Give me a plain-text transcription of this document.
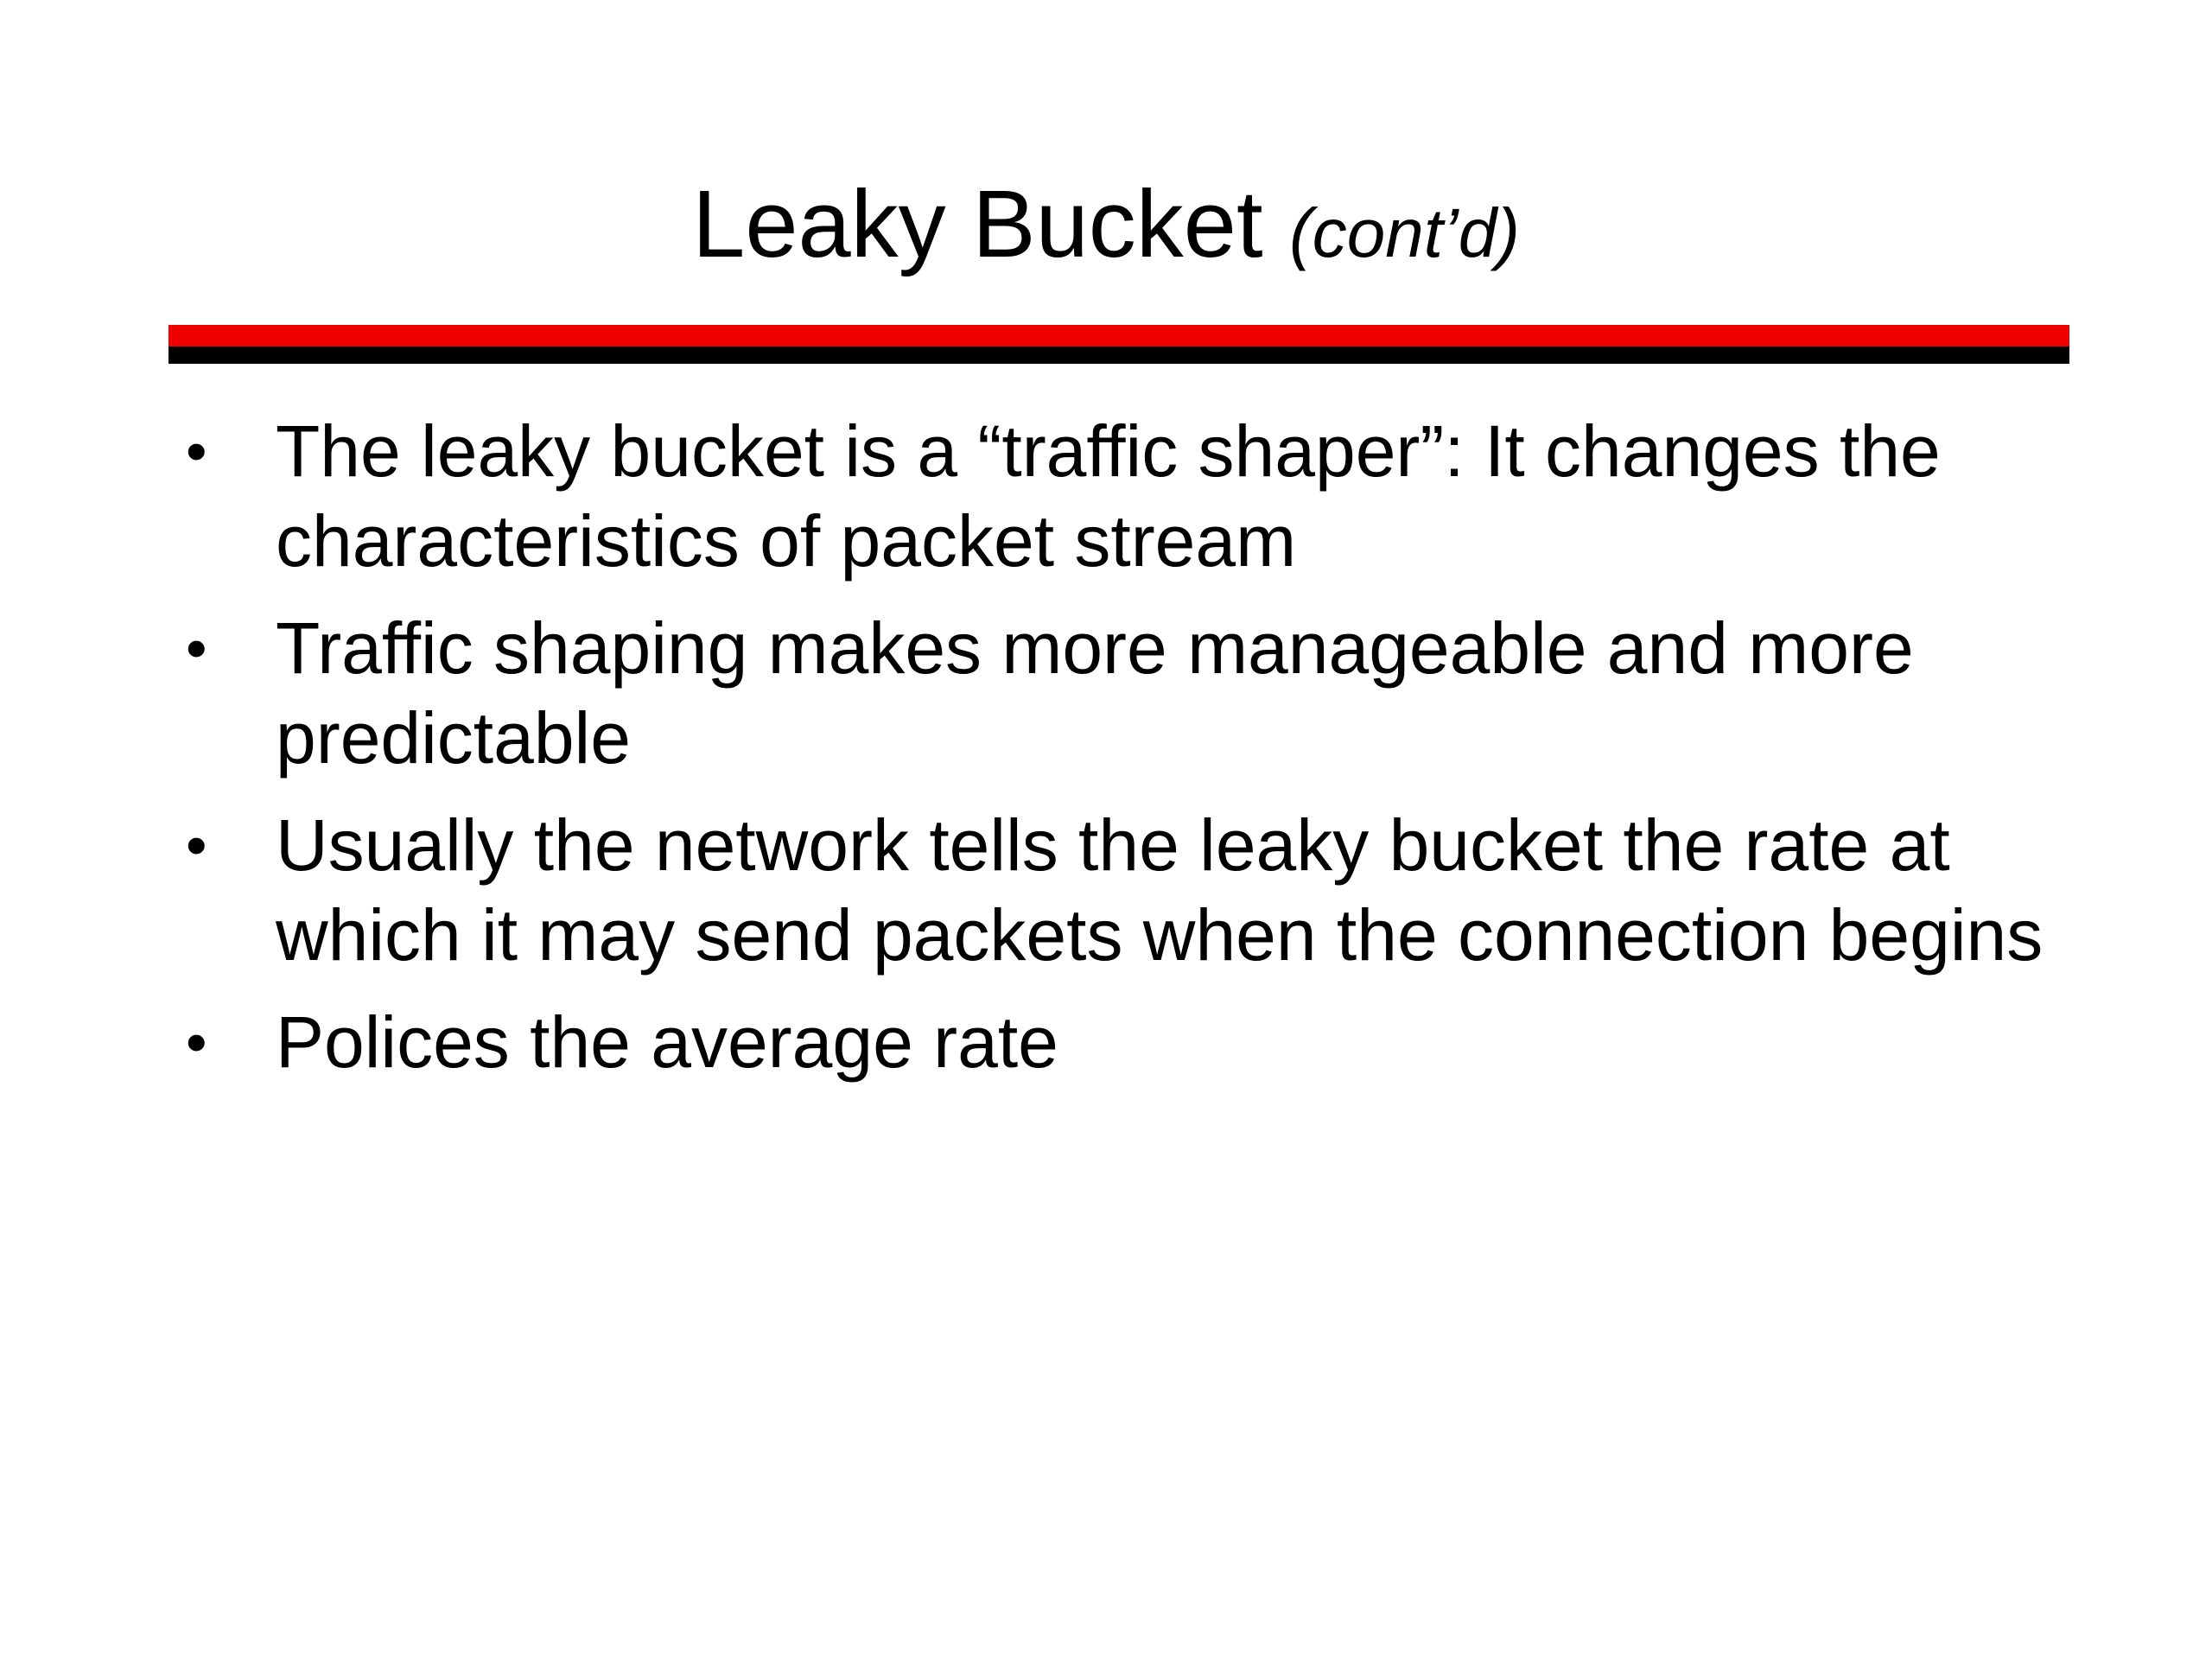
Leaky Bucket (cont’d)
• The leaky bucket is a “traffic shaper”: It changes the characteristics of packet stream
• Traffic shaping makes more manageable and more predictable
• Usually the network tells the leaky bucket the rate at which it may send packets when the connection begins
• Polices the average rate
